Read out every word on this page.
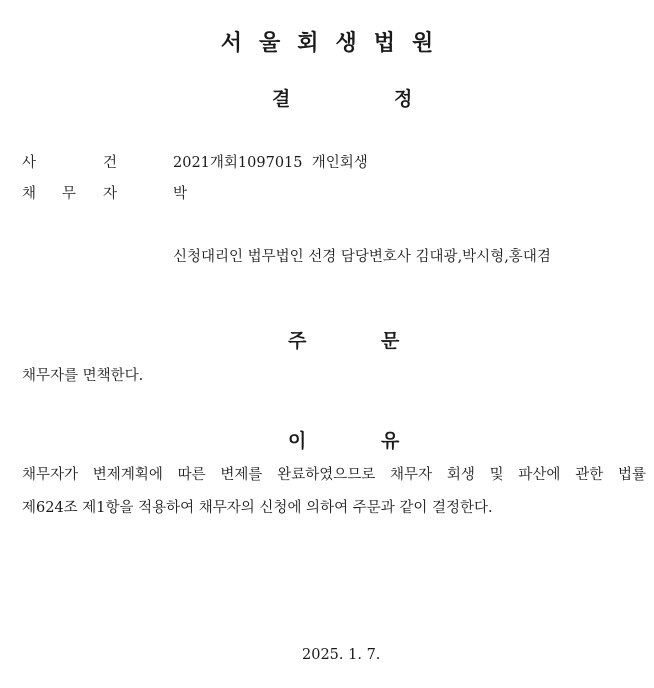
서울회생법원
결	정
사	건	2021개회1097015  개인회생
채 무 자	박
신청대리인 법무법인 선경 담당변호사 김대광,박시형,홍대겸
주	문
채무자를 면책한다.
이	유
채무자가 변제계획에 따른 변제를 완료하였으므로 채무자 회생 및 파산에 관한 법률
제624조 제1항을 적용하여 채무자의 신청에 의하여 주문과 같이 결정한다.
2025. 1. 7.
